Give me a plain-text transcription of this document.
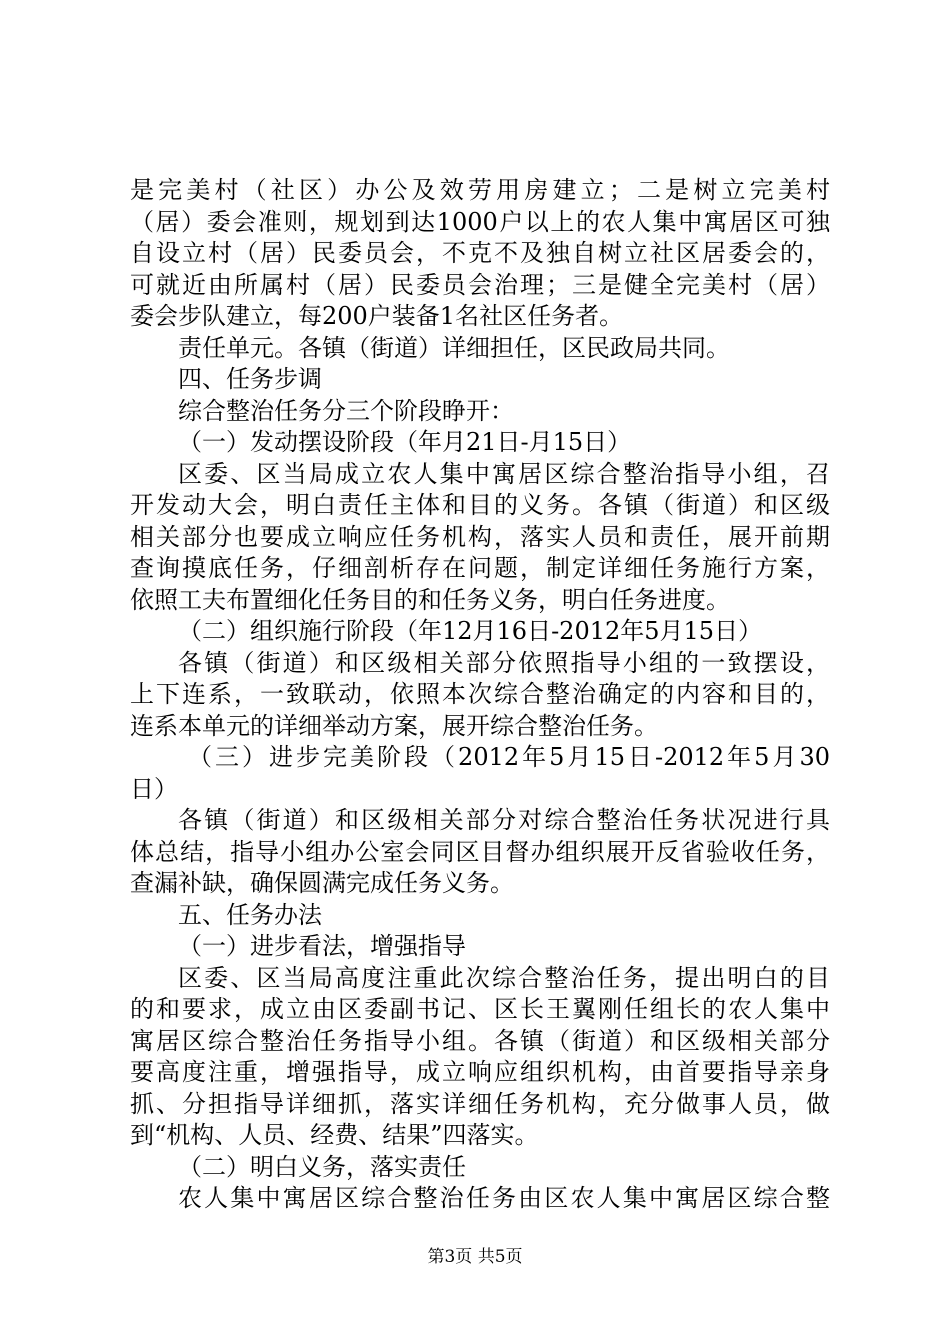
是完美村（社区）办公及效劳用房建立；二是树立完美村
（居）委会准则，规划到达1000户以上的农人集中寓居区可独
自设立村（居）民委员会，不克不及独自树立社区居委会的，
可就近由所属村（居）民委员会治理；三是健全完美村（居）
委会步队建立，每200户装备1名社区任务者。
责任单元。各镇（街道）详细担任，区民政局共同。
四、任务步调
综合整治任务分三个阶段睁开：
（一）发动摆设阶段（年月21日-月15日）
区委、区当局成立农人集中寓居区综合整治指导小组，召
开发动大会，明白责任主体和目的义务。各镇（街道）和区级
相关部分也要成立响应任务机构，落实人员和责任，展开前期
查询摸底任务，仔细剖析存在问题，制定详细任务施行方案，
依照工夫布置细化任务目的和任务义务，明白任务进度。
（二）组织施行阶段（年12月16日-2012年5月15日）
各镇（街道）和区级相关部分依照指导小组的一致摆设，
上下连系，一致联动，依照本次综合整治确定的内容和目的，
连系本单元的详细举动方案，展开综合整治任务。
（三）进步完美阶段（2012年5月15日-2012年5月30
日）
各镇（街道）和区级相关部分对综合整治任务状况进行具
体总结，指导小组办公室会同区目督办组织展开反省验收任务，
查漏补缺，确保圆满完成任务义务。
五、任务办法
（一）进步看法，增强指导
区委、区当局高度注重此次综合整治任务，提出明白的目
的和要求，成立由区委副书记、区长王翼刚任组长的农人集中
寓居区综合整治任务指导小组。各镇（街道）和区级相关部分
要高度注重，增强指导，成立响应组织机构，由首要指导亲身
抓、分担指导详细抓，落实详细任务机构，充分做事人员，做
到“机构、人员、经费、结果”四落实。
（二）明白义务，落实责任
农人集中寓居区综合整治任务由区农人集中寓居区综合整
第3页 共5页
